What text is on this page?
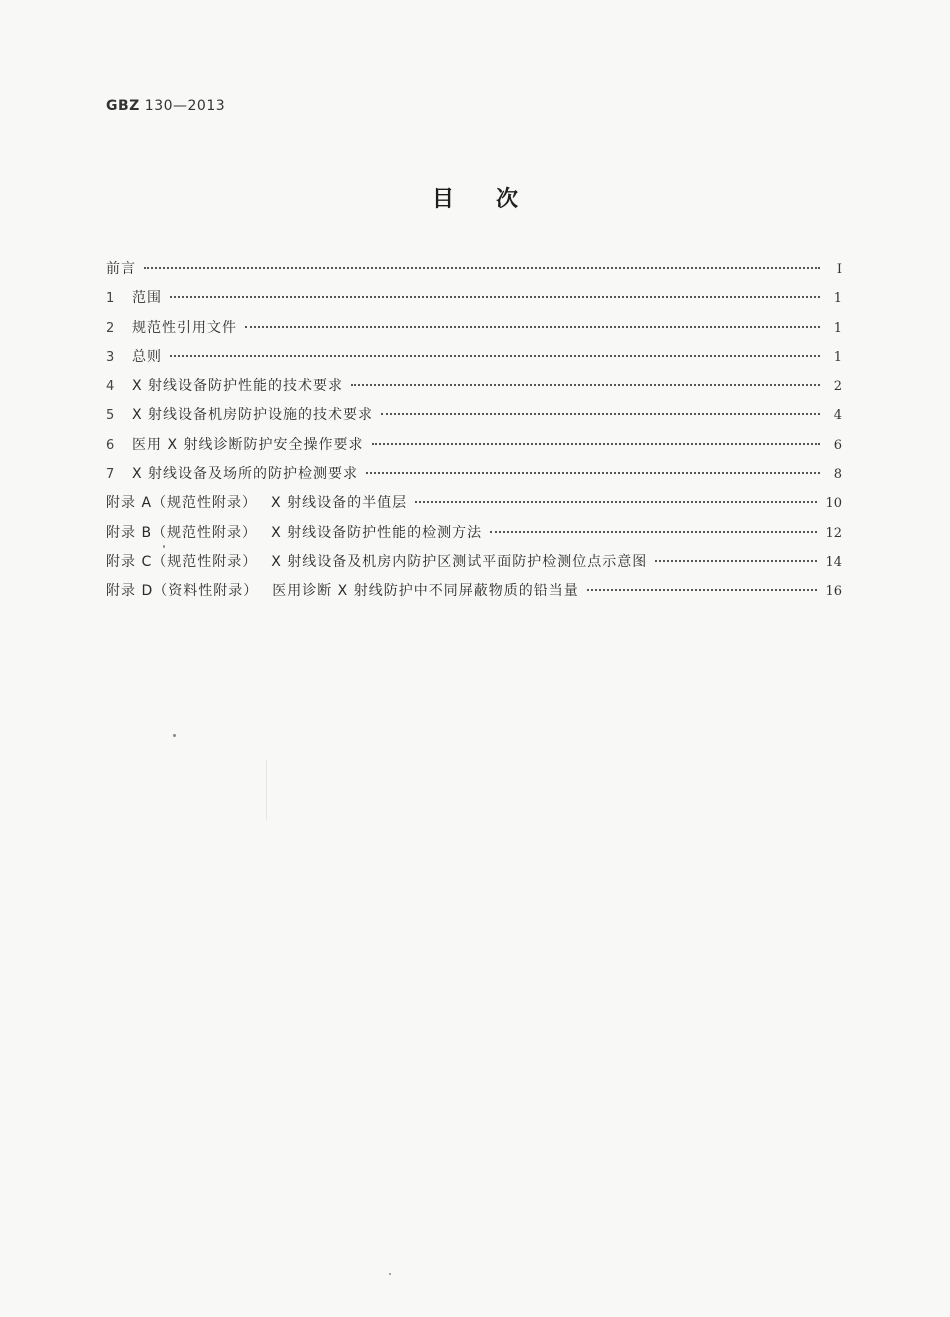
GBZ 130—2013
目次
前言	Ⅰ
1	范围	1
2	规范性引用文件	1
3	总则	1
4	X 射线设备防护性能的技术要求	2
5	X 射线设备机房防护设施的技术要求	4
6	医用 X 射线诊断防护安全操作要求	6
7	X 射线设备及场所的防护检测要求	8
附录 A（规范性附录） X 射线设备的半值层	10
附录 B（规范性附录） X 射线设备防护性能的检测方法	12
附录 C（规范性附录） X 射线设备及机房内防护区测试平面防护检测位点示意图	14
附录 D（资料性附录） 医用诊断 X 射线防护中不同屏蔽物质的铅当量	16
